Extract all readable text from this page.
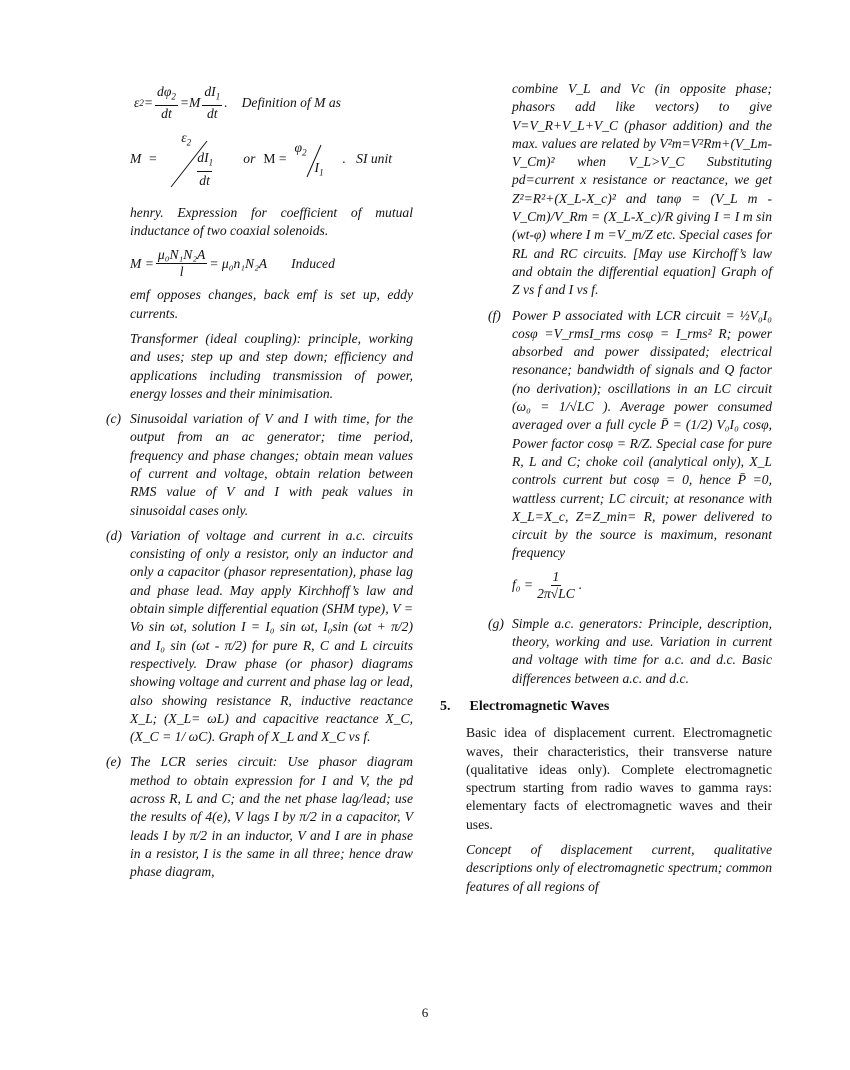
ε $2 = \frac{d\varphi_2}{dt} =M \frac{dI_1}{dt}$ . Definition of M as
M  =
$\varepsilon_2$
$dI_1$
dt
or M =
$\varphi_2$
$I_1$
.   SI unit

henry. Expression for coefficient of mutual inductance of two coaxial solenoids.

$M = \frac{\text{μ₀N₁N₂A}}{l} = \mu_0n_1N_2A$ Induced

emf opposes changes, back emf is set up, eddy currents.

Transformer (ideal coupling): principle, working and uses; step up and step down; efficiency and applications including transmission of power, energy losses and their minimisation.

(c) Sinusoidal variation of V and I with time, for the output from an ac generator; time period, frequency and phase changes; obtain mean values of current and voltage, obtain relation between RMS value of V and I with peak values in sinusoidal cases only.
(d) Variation of voltage and current in a.c. circuits consisting of only a resistor, only an inductor and only a capacitor (phasor representation), phase lag and phase lead. May apply Kirchhoff’s law and obtain simple differential equation (SHM type), V = Vo sin ωt, solution I = I₀ sin ωt, I₀sin (ωt + π/2) and I₀ sin (ωt - π/2) for pure R, C and L circuits respectively. Draw phase (or phasor) diagrams showing voltage and current and phase lag or lead, also showing resistance R, inductive reactance X_L; (X_L= ωL) and capacitive reactance X_C, (X_C = 1/ ωC). Graph of X_L and X_C vs f.
(e) The LCR series circuit: Use phasor diagram method to obtain expression for I and V, the pd across R, L and C; and the net phase lag/lead; use the results of 4(e), V lags I by π/2 in a capacitor, V leads I by π/2 in an inductor, V and I are in phase in a resistor, I is the same in all three; hence draw phase diagram,

combine V_L and Vc (in opposite phase; phasors add like vectors) to give V=V_R+V_L+V_C (phasor addition) and the max. values are related by V²m=V²Rm+(V_Lm-V_Cm)² when V_L>V_C Substituting pd=current x resistance or reactance, we get Z²=R²+(X_L-X_c)² and tanφ = (V_L m -V_Cm)/V_Rm = (X_L-X_c)/R giving I = I m sin (wt-φ) where I m =V_m/Z etc. Special cases for RL and RC circuits. [May use Kirchoff’s law and obtain the differential equation] Graph of Z vs f and I vs f.

(f) Power P associated with LCR circuit = ½V₀I₀ cosφ =V_rmsI_rms cosφ = I_rms² R; power absorbed and power dissipated; electrical resonance; bandwidth of signals and Q factor (no derivation); oscillations in an LC circuit (ω₀ = 1/√LC ). Average power consumed averaged over a full cycle P̄ = (1/2) V₀I₀ cosφ, Power factor cosφ = R/Z. Special case for pure R, L and C; choke coil (analytical only), X_L controls current but cosφ = 0, hence P̄ =0, wattless current; LC circuit; at resonance with X_L=X_c, Z=Z_min= R, power delivered to circuit by the source is maximum, resonant frequency
$f_0 = \frac{1}{2\pi√LC}$ .
(g) Simple a.c. generators: Principle, description, theory, working and use. Variation in current and voltage with time for a.c. and d.c. Basic differences between a.c. and d.c.
5. Electromagnetic Waves

Basic idea of displacement current. Electromagnetic waves, their characteristics, their transverse nature (qualitative ideas only). Complete electromagnetic spectrum starting from radio waves to gamma rays: elementary facts of electromagnetic waves and their uses.

Concept of displacement current, qualitative descriptions only of electromagnetic spectrum; common features of all regions of

6
